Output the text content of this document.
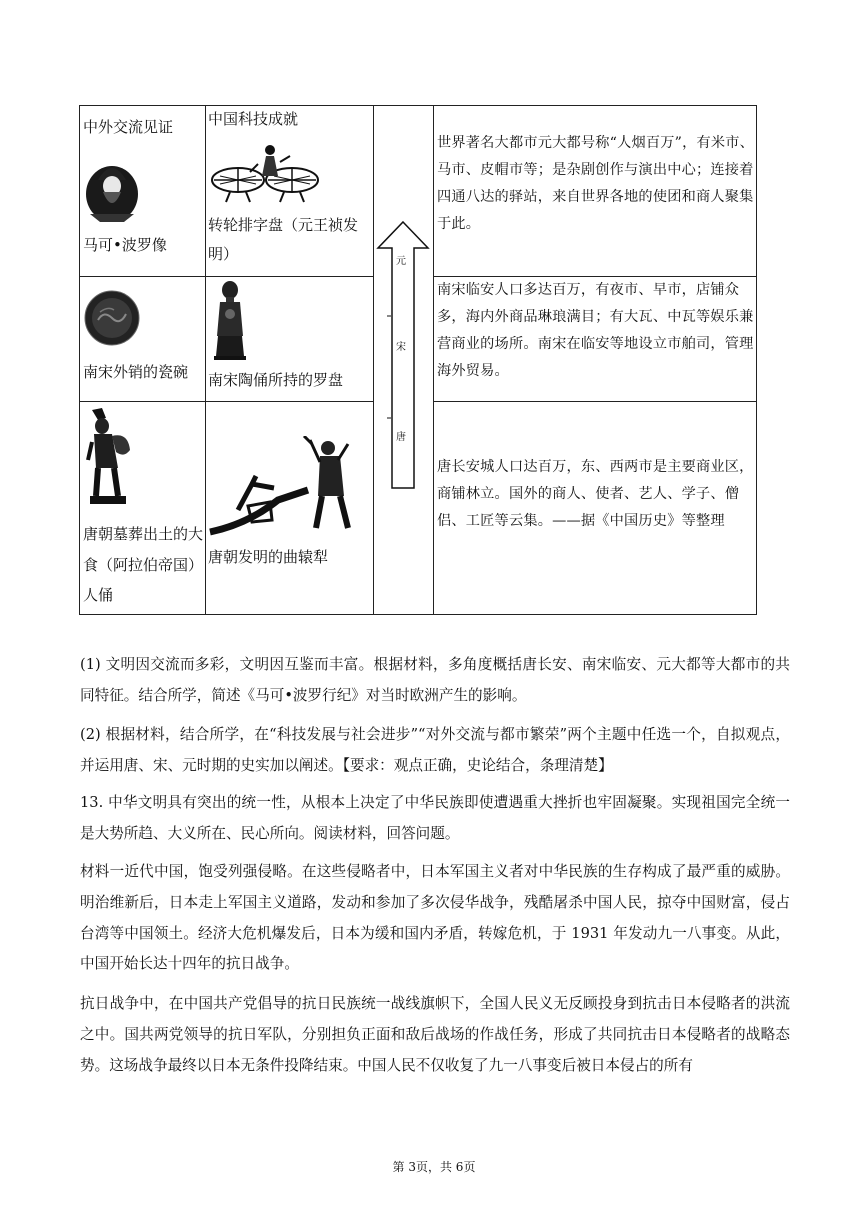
中外交流见证
马可•波罗像
中国科技成就
转轮排字盘（元王祯发
明）
南宋外销的瓷碗 南宋陶俑所持的罗盘
唐朝墓葬出土的大
食（阿拉伯帝国）
人俑
唐朝发明的曲辕犁
元
宋
唐
世界著名大都市元大都号称“人烟百万”，有米市、马市、皮帽市等；是杂剧创作与演出中心；连接着四通八达的驿站，来自世界各地的使团和商人聚集于此。
南宋临安人口多达百万，有夜市、早市，店铺众多，海内外商品琳琅满目；有大瓦、中瓦等娱乐兼营商业的场所。南宋在临安等地设立市舶司，管理海外贸易。
唐长安城人口达百万，东、西两市是主要商业区，商铺林立。国外的商人、使者、艺人、学子、僧侣、工匠等云集。——据《中国历史》等整理
(1) 文明因交流而多彩，文明因互鉴而丰富。根据材料，多角度概括唐长安、南宋临安、元大都等大都市的共同特征。结合所学，简述《马可•波罗行纪》对当时欧洲产生的影响。
(2) 根据材料，结合所学，在“科技发展与社会进步”“对外交流与都市繁荣”两个主题中任选一个，自拟观点，并运用唐、宋、元时期的史实加以阐述。【要求：观点正确，史论结合，条理清楚】
13. 中华文明具有突出的统一性，从根本上决定了中华民族即使遭遇重大挫折也牢固凝聚。实现祖国完全统一是大势所趋、大义所在、民心所向。阅读材料，回答问题。
材料一近代中国，饱受列强侵略。在这些侵略者中，日本军国主义者对中华民族的生存构成了最严重的威胁。明治维新后，日本走上军国主义道路，发动和参加了多次侵华战争，残酷屠杀中国人民，掠夺中国财富，侵占台湾等中国领土。经济大危机爆发后，日本为缓和国内矛盾，转嫁危机，于 1931 年发动九一八事变。从此，中国开始长达十四年的抗日战争。
抗日战争中，在中国共产党倡导的抗日民族统一战线旗帜下，全国人民义无反顾投身到抗击日本侵略者的洪流之中。国共两党领导的抗日军队，分别担负正面和敌后战场的作战任务，形成了共同抗击日本侵略者的战略态势。这场战争最终以日本无条件投降结束。中国人民不仅收复了九一八事变后被日本侵占的所有
第 3页，共 6页
